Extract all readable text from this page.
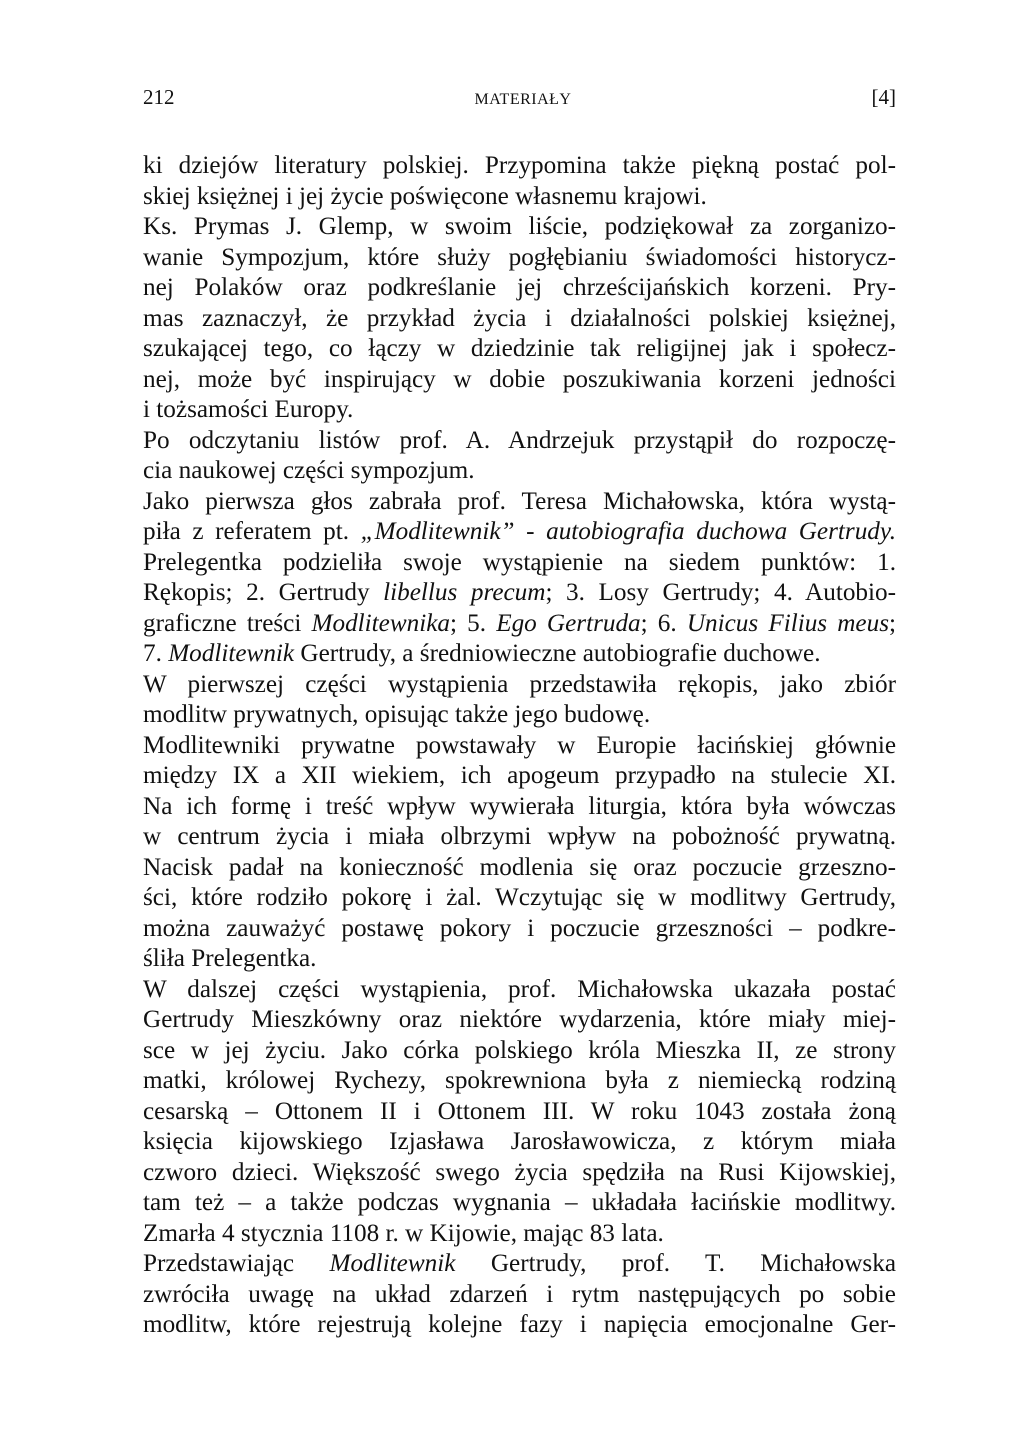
212	MATERIAŁY	[4]

ki dziejów literatury polskiej. Przypomina także piękną postać pol-
skiej księżnej i jej życie poświęcone własnemu krajowi.

Ks. Prymas J. Glemp, w swoim liście, podziękował za zorganizo-
wanie Sympozjum, które służy pogłębianiu świadomości historycz-
nej Polaków oraz podkreślanie jej chrześcijańskich korzeni. Pry-
mas zaznaczył, że przykład życia i działalności polskiej księżnej,
szukającej tego, co łączy w dziedzinie tak religijnej jak i społecz-
nej, może być inspirujący w dobie poszukiwania korzeni jedności
i tożsamości Europy.

Po odczytaniu listów prof. A. Andrzejuk przystąpił do rozpoczę-
cia naukowej części sympozjum.

Jako pierwsza głos zabrała prof. Teresa Michałowska, która wystą-
piła z referatem pt. „Modlitewnik” - autobiografia duchowa Gertrudy.
Prelegentka podzieliła swoje wystąpienie na siedem punktów: 1.
Rękopis; 2. Gertrudy libellus precum; 3. Losy Gertrudy; 4. Autobio-
graficzne treści Modlitewnika; 5. Ego Gertruda; 6. Unicus Filius meus;
7. Modlitewnik Gertrudy, a średniowieczne autobiografie duchowe.

W pierwszej części wystąpienia przedstawiła rękopis, jako zbiór
modlitw prywatnych, opisując także jego budowę.

Modlitewniki prywatne powstawały w Europie łacińskiej głównie
między IX a XII wiekiem, ich apogeum przypadło na stulecie XI.
Na ich formę i treść wpływ wywierała liturgia, która była wówczas
w centrum życia i miała olbrzymi wpływ na pobożność prywatną.
Nacisk padał na konieczność modlenia się oraz poczucie grzeszno-
ści, które rodziło pokorę i żal. Wczytując się w modlitwy Gertrudy,
można zauważyć postawę pokory i poczucie grzeszności – podkre-
śliła Prelegentka.

W dalszej części wystąpienia, prof. Michałowska ukazała postać
Gertrudy Mieszkówny oraz niektóre wydarzenia, które miały miej-
sce w jej życiu. Jako córka polskiego króla Mieszka II, ze strony
matki, królowej Rychezy, spokrewniona była z niemiecką rodziną
cesarską – Ottonem II i Ottonem III. W roku 1043 została żoną
księcia kijowskiego Izjasława Jarosławowicza, z którym miała
czworo dzieci. Większość swego życia spędziła na Rusi Kijowskiej,
tam też – a także podczas wygnania – układała łacińskie modlitwy.
Zmarła 4 stycznia 1108 r. w Kijowie, mając 83 lata.

Przedstawiając Modlitewnik Gertrudy, prof. T. Michałowska
zwróciła uwagę na układ zdarzeń i rytm następujących po sobie
modlitw, które rejestrują kolejne fazy i napięcia emocjonalne Ger-
